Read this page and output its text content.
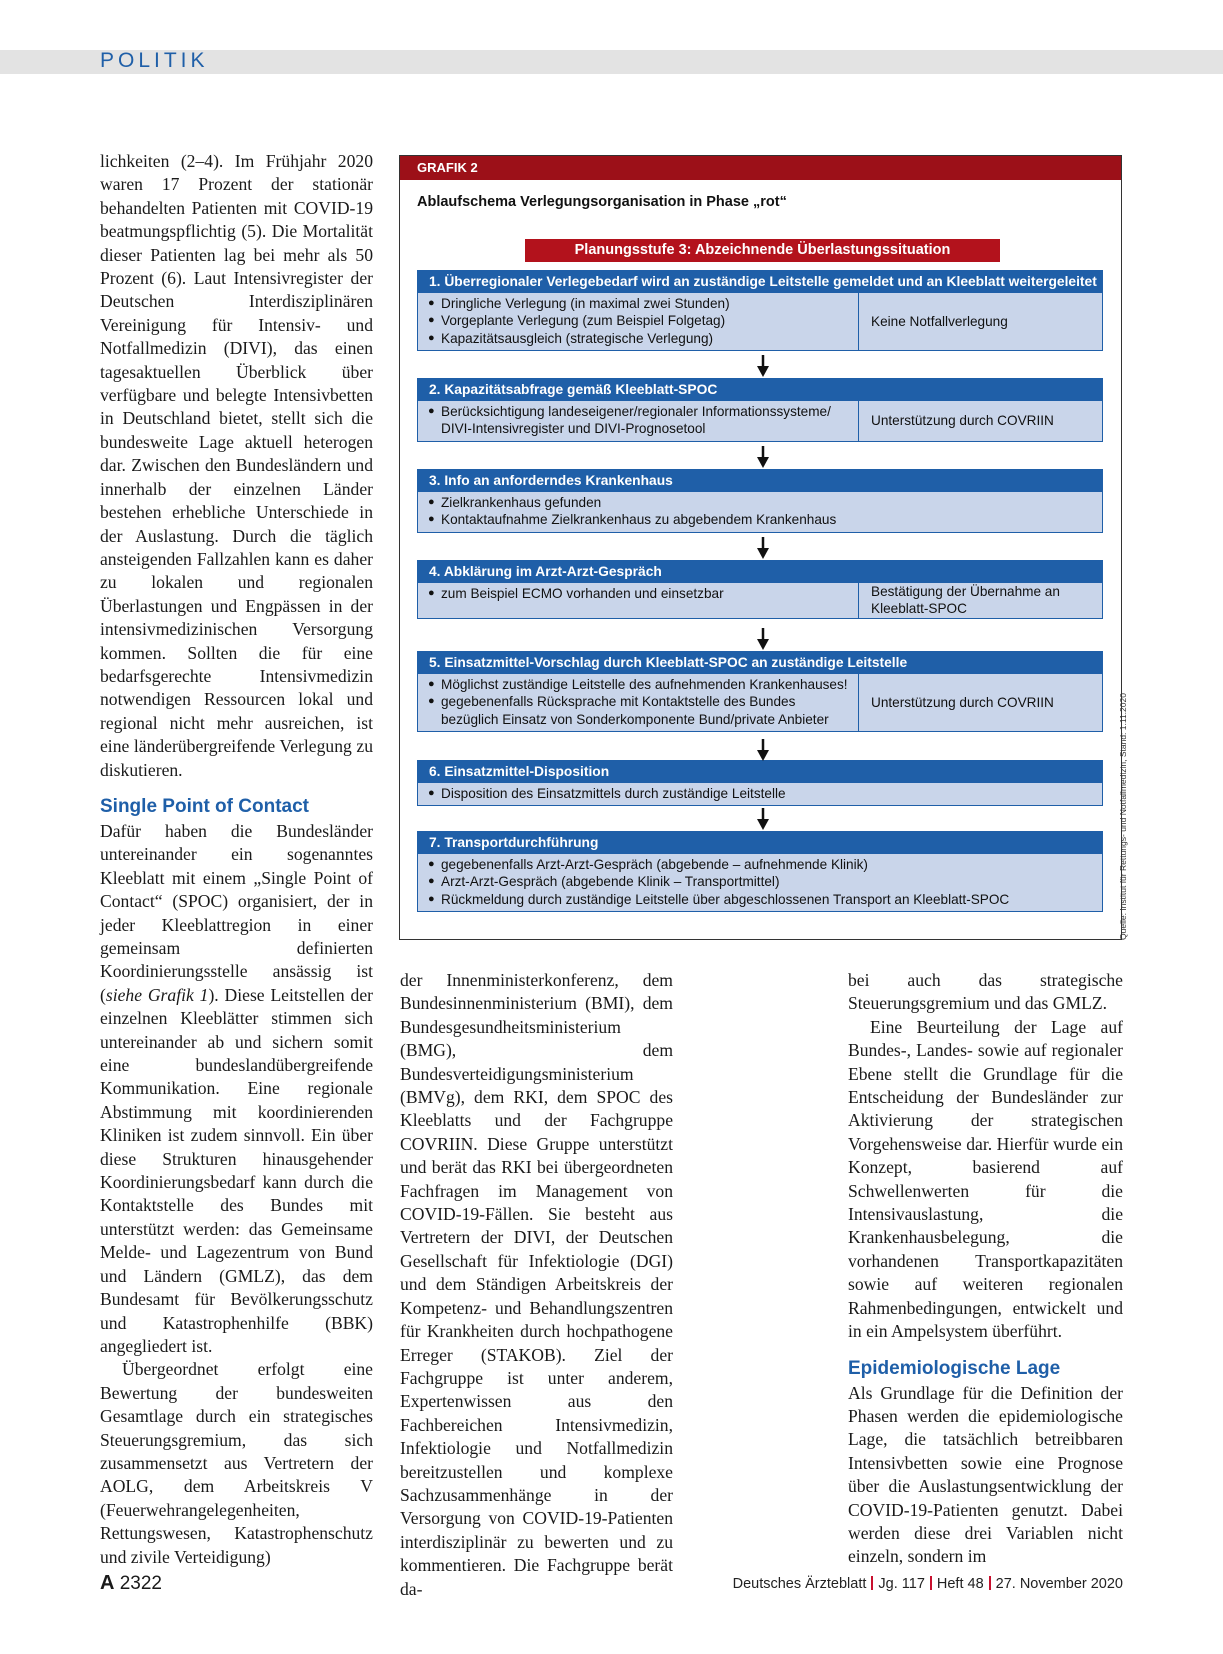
POLITIK

lichkeiten (2–4). Im Frühjahr 2020 waren 17 Prozent der stationär behandelten Patienten mit COVID-19 beatmungspflichtig (5). Die Mortalität dieser Patienten lag bei mehr als 50 Prozent (6). Laut Intensivregister der Deutschen Interdisziplinären Vereinigung für Intensiv- und Notfallmedizin (DIVI), das einen tagesaktuellen Überblick über verfügbare und belegte Intensivbetten in Deutschland bietet, stellt sich die bundesweite Lage aktuell heterogen dar. Zwischen den Bundesländern und innerhalb der einzelnen Länder bestehen erhebliche Unterschiede in der Auslastung. Durch die täglich ansteigenden Fallzahlen kann es daher zu lokalen und regionalen Überlastungen und Engpässen in der intensivmedizinischen Versorgung kommen. Sollten die für eine bedarfsgerechte Intensivmedizin notwendigen Ressourcen lokal und regional nicht mehr ausreichen, ist eine länderübergreifende Verlegung zu diskutieren.

Single Point of Contact

Dafür haben die Bundesländer untereinander ein sogenanntes Kleeblatt mit einem „Single Point of Contact“ (SPOC) organisiert, der in jeder Kleeblattregion in einer gemeinsam definierten Koordinierungsstelle ansässig ist (siehe Grafik 1). Diese Leitstellen der einzelnen Kleeblätter stimmen sich untereinander ab und sichern somit eine bundeslandübergreifende Kommunikation. Eine regionale Abstimmung mit koordinierenden Kliniken ist zudem sinnvoll. Ein über diese Strukturen hinausgehender Koordinierungsbedarf kann durch die Kontaktstelle des Bundes mit unterstützt werden: das Gemeinsame Melde- und Lagezentrum von Bund und Ländern (GMLZ), das dem Bundesamt für Bevölkerungsschutz und Katastrophenhilfe (BBK) angegliedert ist.

Übergeordnet erfolgt eine Bewertung der bundesweiten Gesamtlage durch ein strategisches Steuerungsgremium, das sich zusammensetzt aus Vertretern der AOLG, dem Arbeitskreis V (Feuerwehrangelegenheiten, Rettungswesen, Katastrophenschutz und zivile Verteidigung)

GRAFIK 2
Ablaufschema Verlegungsorganisation in Phase „rot“
Planungsstufe 3: Abzeichnende Überlastungssituation
1. Überregionaler Verlegebedarf wird an zuständige Leitstelle gemeldet und an Kleeblatt weitergeleitet
● Dringliche Verlegung (in maximal zwei Stunden)
● Vorgeplante Verlegung (zum Beispiel Folgetag)
● Kapazitätsausgleich (strategische Verlegung)
Keine Notfallverlegung
2. Kapazitätsabfrage gemäß Kleeblatt-SPOC
● Berücksichtigung landeseigener/regionaler Informationssysteme/ DIVI-Intensivregister und DIVI-Prognosetool
Unterstützung durch COVRIIN
3. Info an anforderndes Krankenhaus
● Zielkrankenhaus gefunden
● Kontaktaufnahme Zielkrankenhaus zu abgebendem Krankenhaus
4. Abklärung im Arzt-Arzt-Gespräch
● zum Beispiel ECMO vorhanden und einsetzbar	Bestätigung der Übernahme an Kleeblatt-SPOC
5. Einsatzmittel-Vorschlag durch Kleeblatt-SPOC an zuständige Leitstelle
● Möglichst zuständige Leitstelle des aufnehmenden Krankenhauses!
● gegebenenfalls Rücksprache mit Kontaktstelle des Bundes bezüglich Einsatz von Sonderkomponente Bund/private Anbieter
Unterstützung durch COVRIIN
6. Einsatzmittel-Disposition
● Disposition des Einsatzmittels durch zuständige Leitstelle
7. Transportdurchführung
● gegebenenfalls Arzt-Arzt-Gespräch (abgebende – aufnehmende Klinik)
● Arzt-Arzt-Gespräch (abgebende Klinik – Transportmittel)
● Rückmeldung durch zuständige Leitstelle über abgeschlossenen Transport an Kleeblatt-SPOC	Quelle: Institut für Rettungs- und Notfallmedizin, Stand: 1.11.2020

der Innenministerkonferenz, dem Bundesinnenministerium (BMI), dem Bundesgesundheitsministerium (BMG), dem Bundesverteidigungsministerium (BMVg), dem RKI, dem SPOC des Kleeblatts und der Fachgruppe COVRIIN. Diese Gruppe unterstützt und berät das RKI bei übergeordneten Fachfragen im Management von COVID-19-Fällen. Sie besteht aus Vertretern der DIVI, der Deutschen Gesellschaft für Infektiologie (DGI) und dem Ständigen Arbeitskreis der Kompetenz- und Behandlungszentren für Krankheiten durch hochpathogene Erreger (STAKOB). Ziel der Fachgruppe ist unter anderem, Expertenwissen aus den Fachbereichen Intensivmedizin, Infektiologie und Notfallmedizin bereitzustellen und komplexe Sachzusammenhänge in der Versorgung von COVID-19-Patienten interdisziplinär zu bewerten und zu kommentieren. Die Fachgruppe berät da-

bei auch das strategische Steuerungsgremium und das GMLZ.

Eine Beurteilung der Lage auf Bundes-, Landes- sowie auf regionaler Ebene stellt die Grundlage für die Entscheidung der Bundesländer zur Aktivierung der strategischen Vorgehensweise dar. Hierfür wurde ein Konzept, basierend auf Schwellenwerten für die Intensivauslastung, die Krankenhausbelegung, die vorhandenen Transportkapazitäten sowie auf weiteren regionalen Rahmenbedingungen, entwickelt und in ein Ampelsystem überführt.

Epidemiologische Lage

Als Grundlage für die Definition der Phasen werden die epidemiologische Lage, die tatsächlich betreibbaren Intensivbetten sowie eine Prognose über die Auslastungsentwicklung der COVID-19-Patienten genutzt. Dabei werden diese drei Variablen nicht einzeln, sondern im

A 2322	Deutsches Ärzteblatt Jg. 117 Heft 48 27. November 2020
